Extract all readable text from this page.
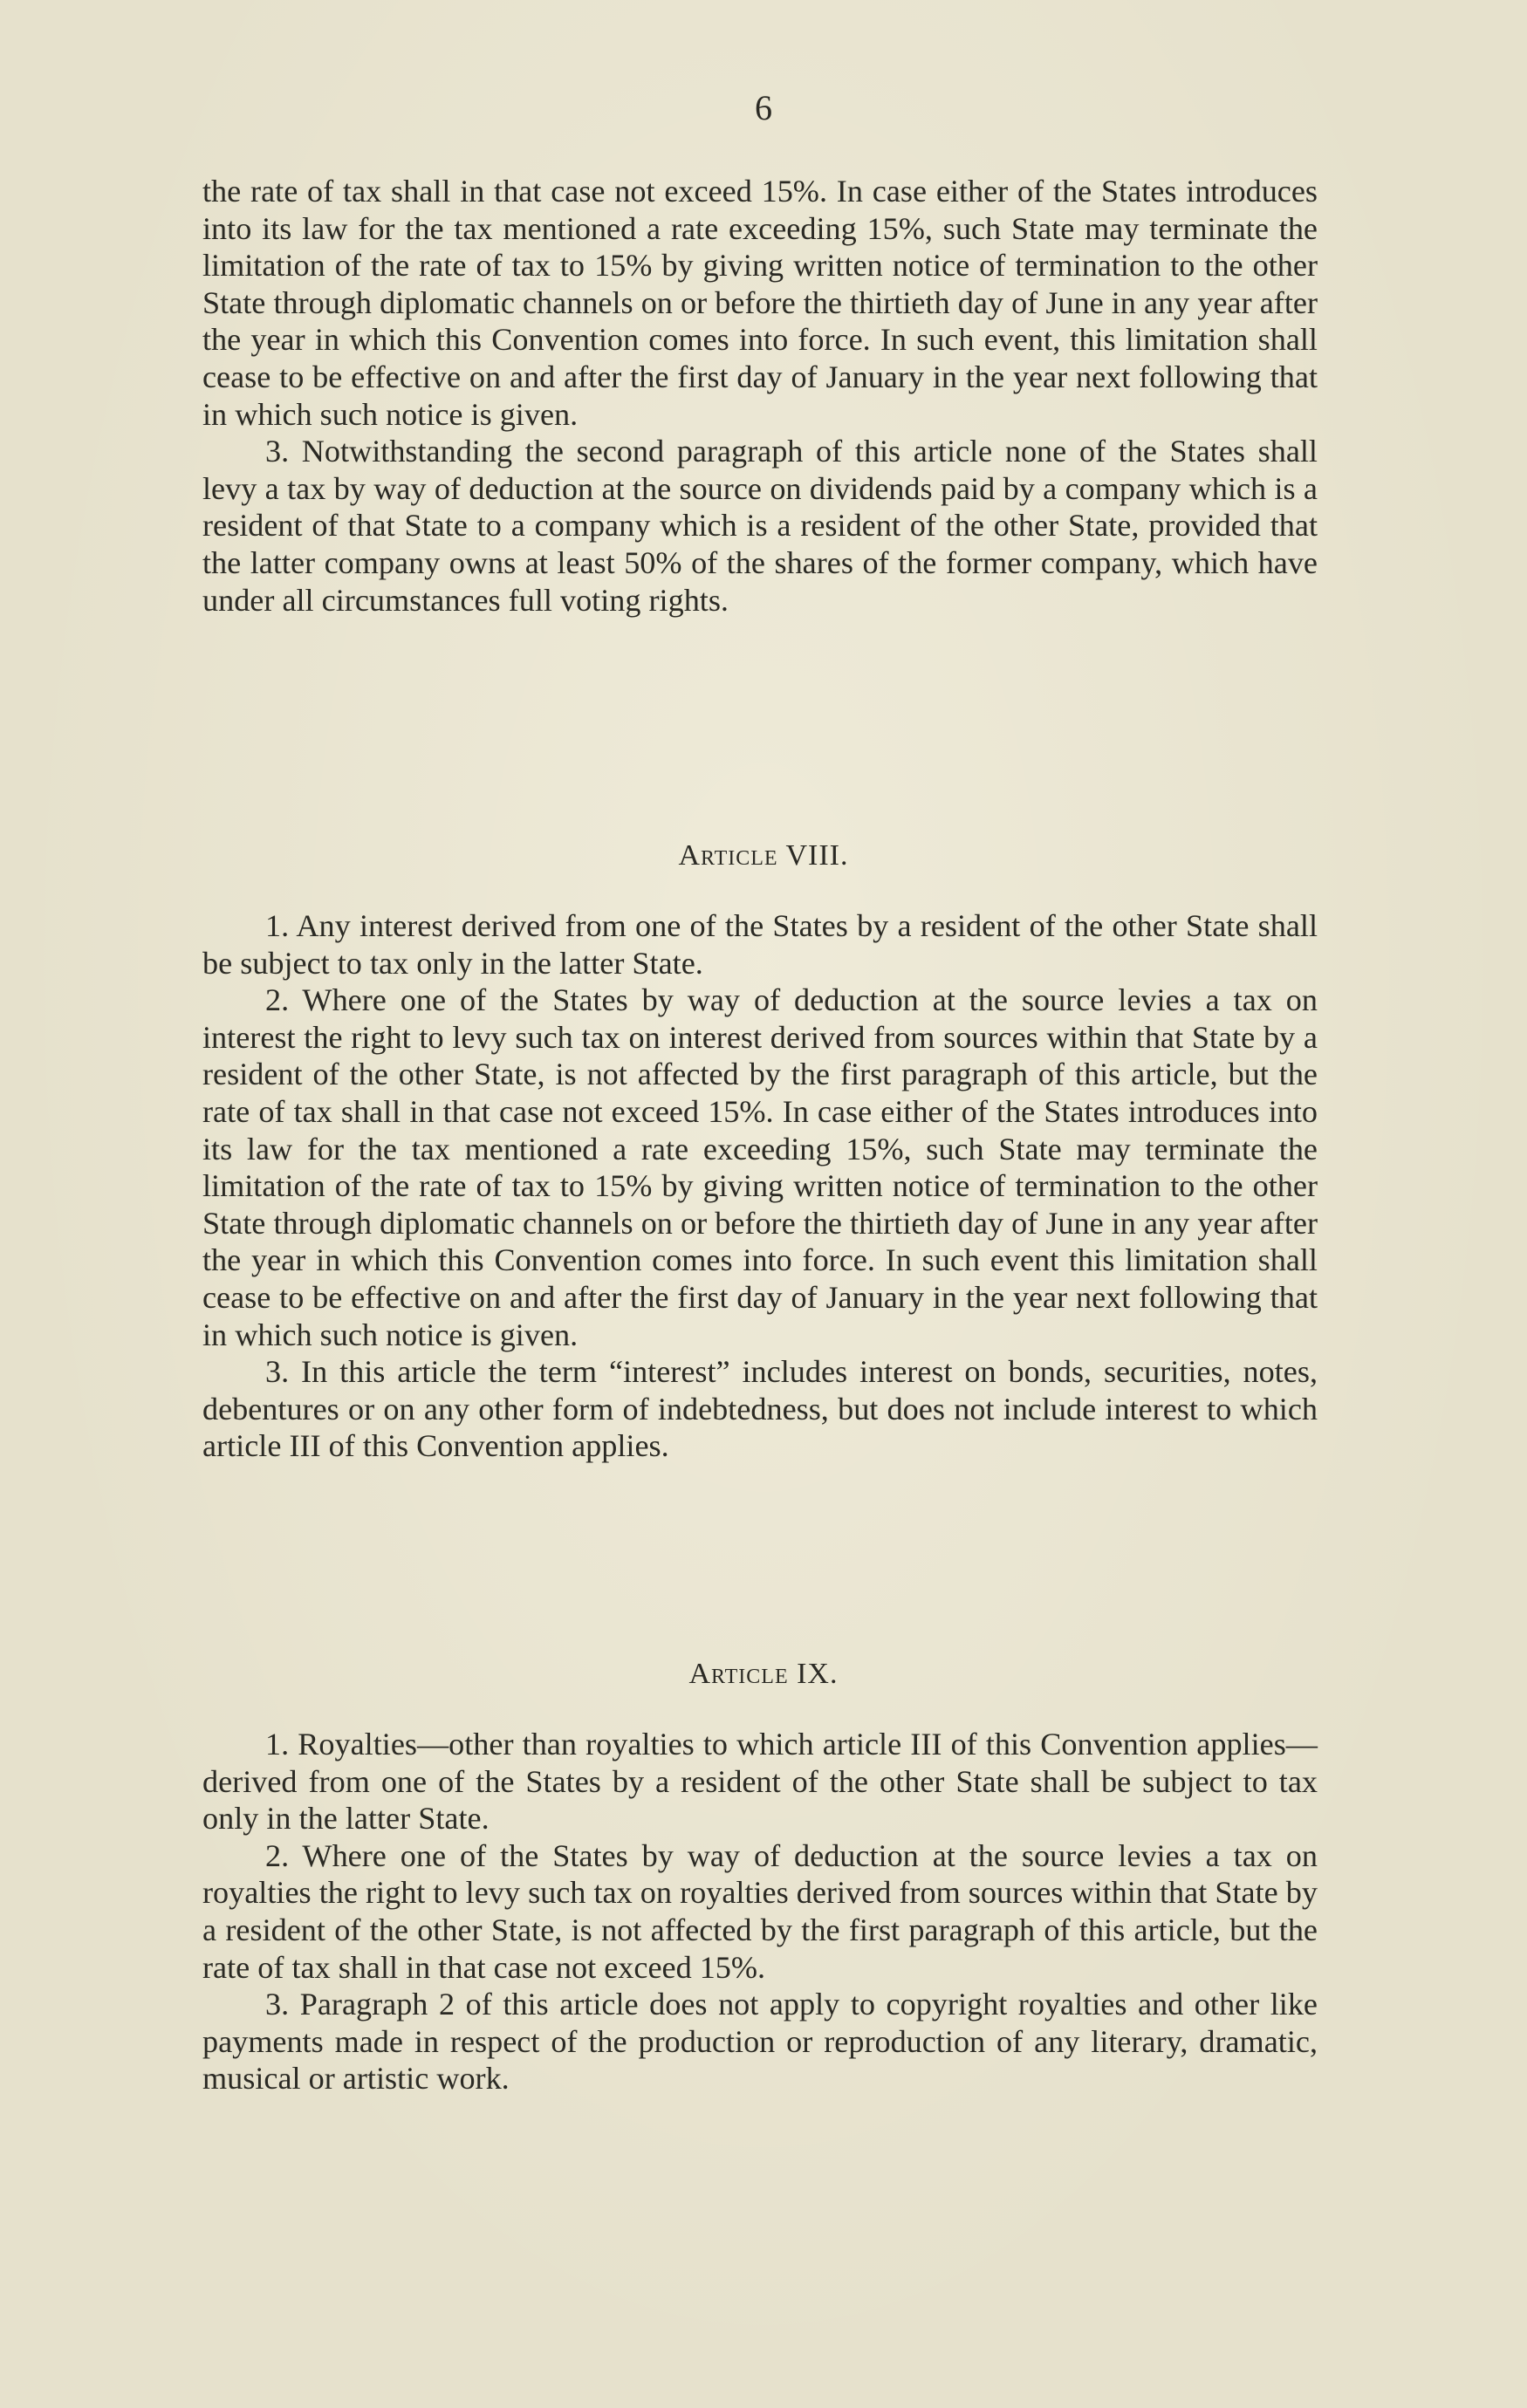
6

the rate of tax shall in that case not exceed 15%. In case either of the States introduces into its law for the tax mentioned a rate exceeding 15%, such State may terminate the limitation of the rate of tax to 15% by giving written notice of termination to the other State through diplomatic channels on or before the thirtieth day of June in any year after the year in which this Convention comes into force. In such event, this limitation shall cease to be effective on and after the first day of January in the year next following that in which such notice is given.

3. Notwithstanding the second paragraph of this article none of the States shall levy a tax by way of deduction at the source on dividends paid by a company which is a resident of that State to a company which is a resident of the other State, provided that the latter company owns at least 50% of the shares of the former company, which have under all circumstances full voting rights.

Article VIII.

1. Any interest derived from one of the States by a resident of the other State shall be subject to tax only in the latter State.

2. Where one of the States by way of deduction at the source levies a tax on interest the right to levy such tax on interest derived from sources within that State by a resident of the other State, is not affected by the first paragraph of this article, but the rate of tax shall in that case not exceed 15%. In case either of the States introduces into its law for the tax mentioned a rate exceeding 15%, such State may terminate the limitation of the rate of tax to 15% by giving written notice of termination to the other State through diplomatic channels on or before the thirtieth day of June in any year after the year in which this Convention comes into force. In such event this limitation shall cease to be effective on and after the first day of January in the year next following that in which such notice is given.

3. In this article the term “interest” includes interest on bonds, securities, notes, debentures or on any other form of indebtedness, but does not include interest to which article III of this Convention applies.

Article IX.

1. Royalties—other than royalties to which article III of this Convention applies—derived from one of the States by a resident of the other State shall be subject to tax only in the latter State.

2. Where one of the States by way of deduction at the source levies a tax on royalties the right to levy such tax on royalties derived from sources within that State by a resident of the other State, is not affected by the first paragraph of this article, but the rate of tax shall in that case not exceed 15%.

3. Paragraph 2 of this article does not apply to copyright royalties and other like payments made in respect of the production or reproduction of any literary, dramatic, musical or artistic work.
